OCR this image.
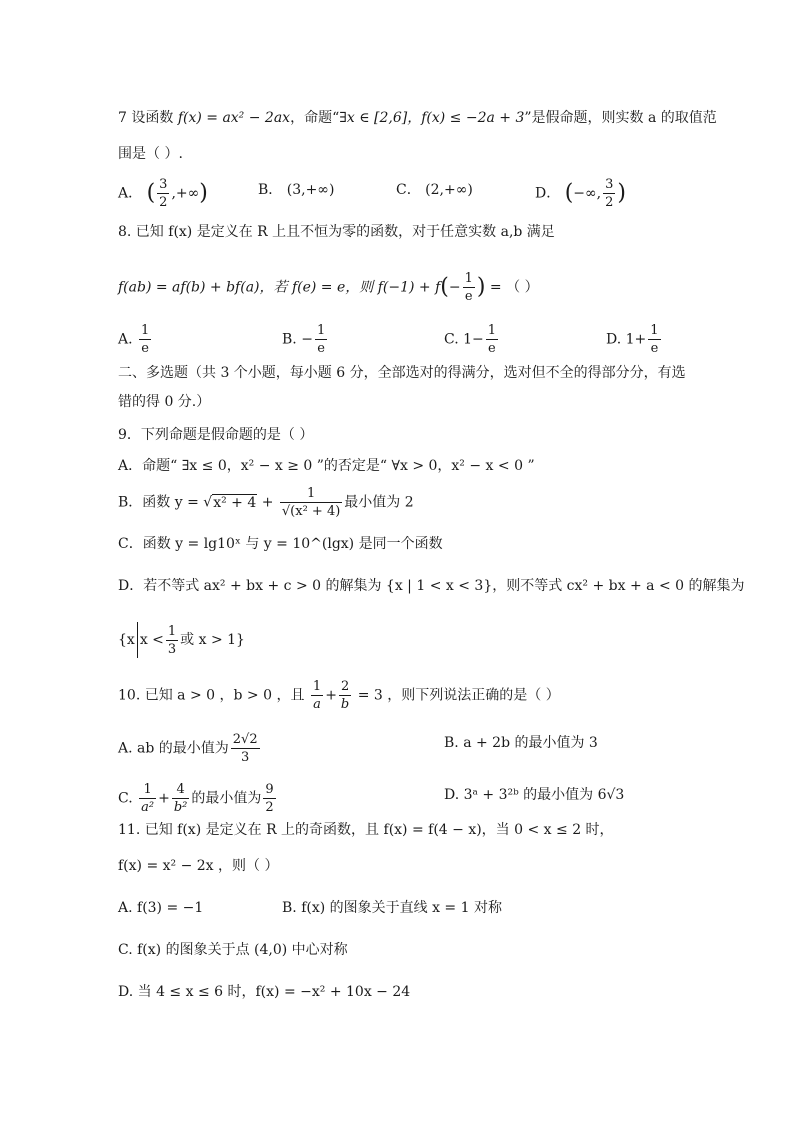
7 设函数 f(x) = ax² − 2ax，命题“∃x ∈ [2,6]，f(x) ≤ −2a + 3”是假命题，则实数 a 的取值范
围是（ ）.
A． ( $\frac{3}{2}$ ,+∞)	B． (3,+∞)	C． (2,+∞)	D． (−∞, $\frac{3}{2}$ )
8. 已知 f(x) 是定义在 R 上且不恒为零的函数，对于任意实数 a,b 满足
f(ab) = af(b) + bf(a)，若 f(e) = e，则 $f(-1) + f(- \frac{1}{e}$ ) = （ ）
A. $\frac{1}{e}$	B. − $\frac{1}{e}$	C. $1- \frac{1}{e}$	D. $1+ \frac{1}{e}$
二、多选题（共 3 个小题，每小题 6 分，全部选对的得满分，选对但不全的得部分分，有选
错的得 0 分.）
9．下列命题是假命题的是（ ）
A．命题“ ∃x ≤ 0，x² − x ≥ 0 ”的否定是“ ∀x > 0，x² − x < 0 ”
B．函数 $y = √x^2 + 4 + \frac{1}{\text{√(x² + 4)}}$ 最小值为 2
C．函数 y = lg10ˣ 与 y = 10^(lgx) 是同一个函数
D．若不等式 ax² + bx + c > 0 的解集为 {x | 1 < x < 3}，则不等式 cx² + bx + a < 0 的解集为
{x $x < \frac{1}{3}$ 或 x > 1}
10. 已知 a > 0 ，b > 0 ，且 $\frac{1}{a} + \frac{2}{b} = 3$ ，则下列说法正确的是（ ）
A. ab 的最小值为 $\frac{2√2}{3}$	B. a + 2b 的最小值为 3
C. $\frac{1}{\text{a²}} + \frac{4}{\text{b²}}$ 的最小值为 $\frac{9}{2}$	D. 3ᵃ + 3²ᵇ 的最小值为 6√3
11. 已知 f(x) 是定义在 R 上的奇函数，且 f(x) = f(4 − x)，当 0 < x ≤ 2 时，
f(x) = x² − 2x ，则（ ）
A. f(3) = −1	B. f(x) 的图象关于直线 x = 1 对称
C. f(x) 的图象关于点 (4,0) 中心对称
D. 当 4 ≤ x ≤ 6 时，f(x) = −x² + 10x − 24
